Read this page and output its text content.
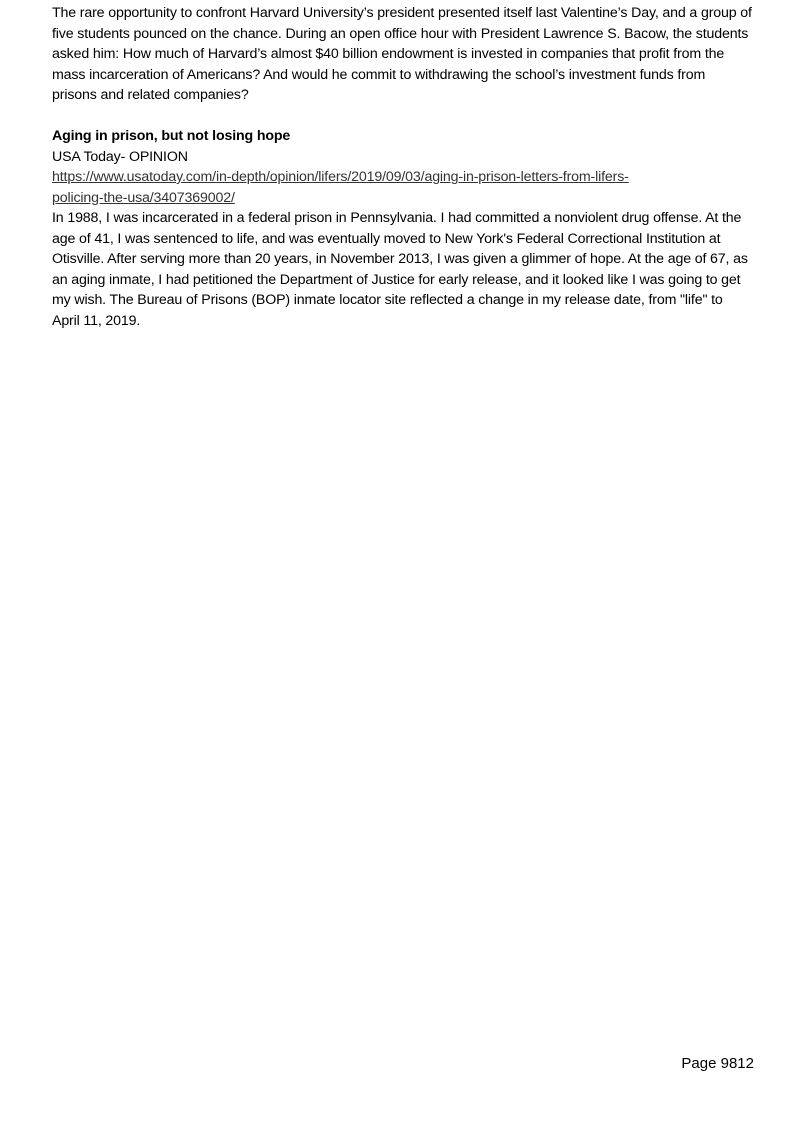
The rare opportunity to confront Harvard University’s president presented itself last Valentine’s Day, and a group of five students pounced on the chance. During an open office hour with President Lawrence S. Bacow, the students asked him: How much of Harvard’s almost $40 billion endowment is invested in companies that profit from the mass incarceration of Americans? And would he commit to withdrawing the school’s investment funds from prisons and related companies?

Aging in prison, but not losing hope

USA Today- OPINION

https://www.usatoday.com/in-depth/opinion/lifers/2019/09/03/aging-in-prison-letters-from-lifers-
policing-the-usa/3407369002/

In 1988, I was incarcerated in a federal prison in Pennsylvania. I had committed a nonviolent drug offense. At the age of 41, I was sentenced to life, and was eventually moved to New York's Federal Correctional Institution at Otisville. After serving more than 20 years, in November 2013, I was given a glimmer of hope. At the age of 67, as an aging inmate, I had petitioned the Department of Justice for early release, and it looked like I was going to get my wish. The Bureau of Prisons (BOP) inmate locator site reflected a change in my release date, from "life" to April 11, 2019.

Page 9812
